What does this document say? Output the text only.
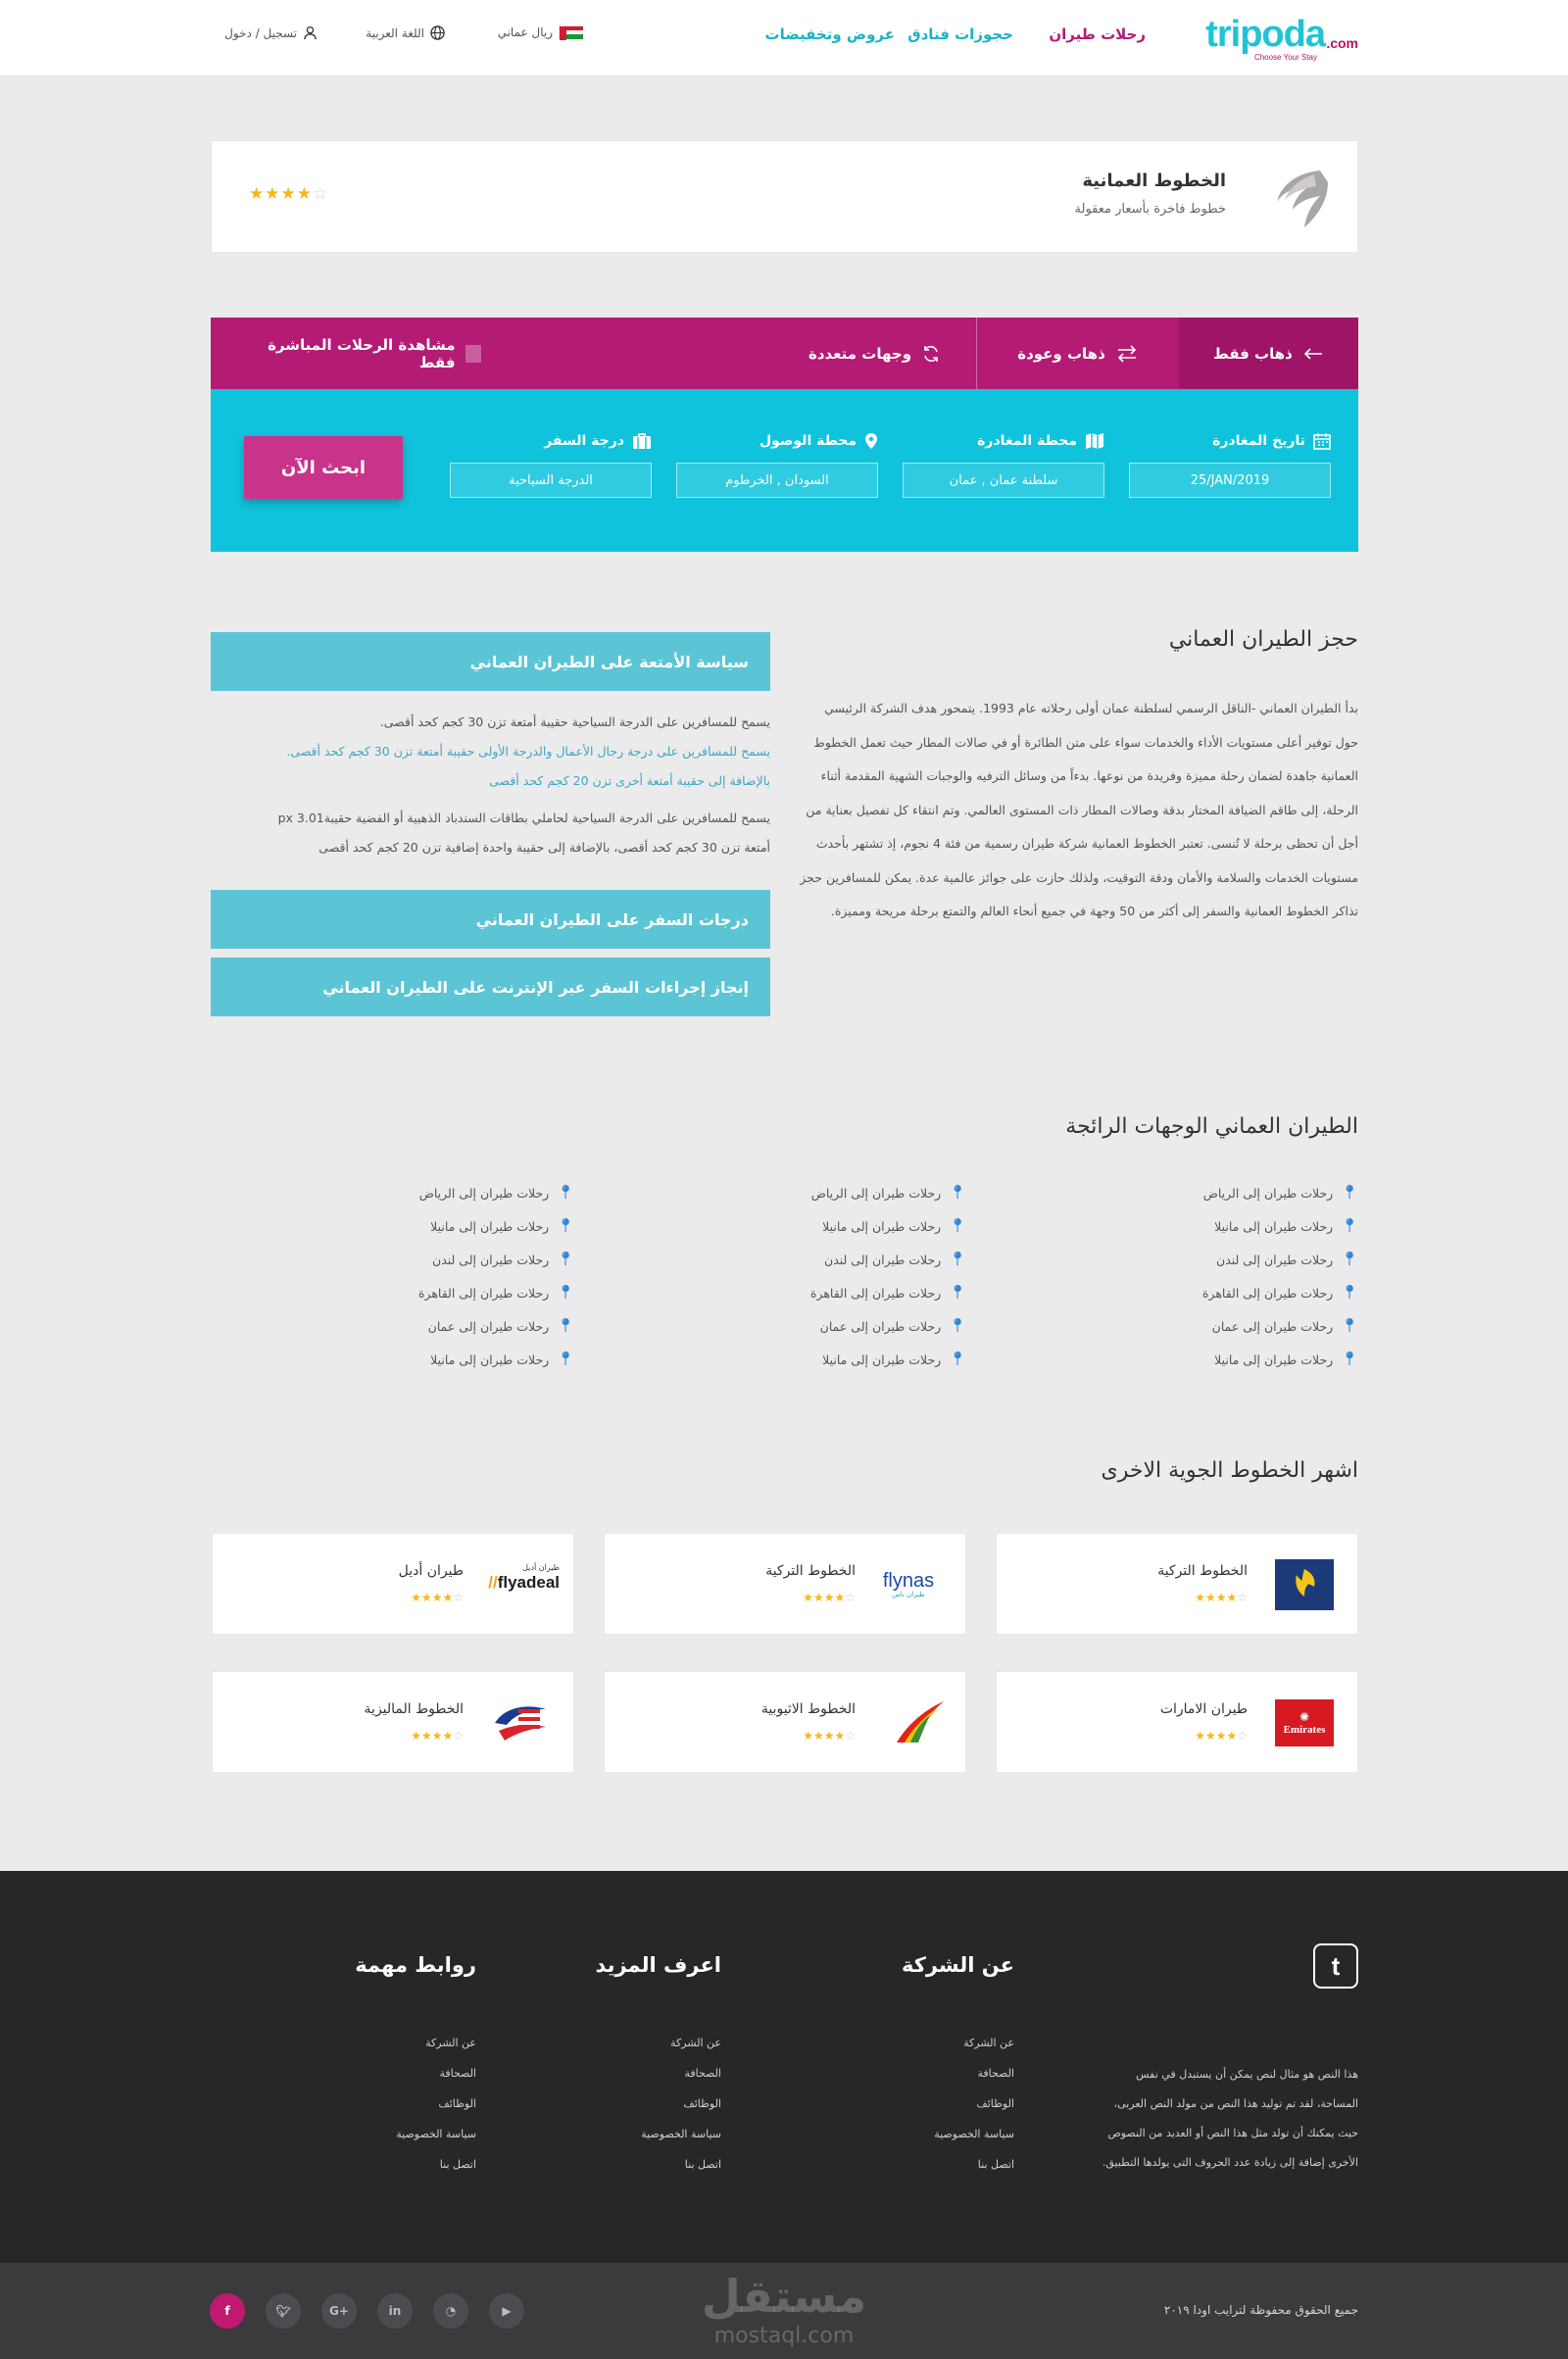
tripoda .com
Choose Your Stay
رحلات طيران
حجوزات فنادق
عروض وتخفيضات
ريال عماني
اللغة العربية
تسجيل / دخول
الخطوط العمانية
خطوط فاخرة بأسعار معقولة
★★★★☆
ذهاب فقط
ذهاب وعودة
وجهات متعددة
مشاهدة الرحلات المباشرة فقط
تاريخ المغادرة
25/JAN/2019
محطة المغادرة
سلطنة عمان , عمان
محطة الوصول
السودان , الخرطوم
درجة السفر
الدرجة السياحية
ابحث الآن
حجز الطيران العماني
بدأ الطيران العماني -الناقل الرسمي لسلطنة عمان أولى رحلاته عام 1993. يتمحور هدف الشركة الرئيسي حول توفير أعلى مستويات الأداء والخدمات سواء على متن الطائرة أو في صالات المطار حيث تعمل الخطوط العمانية جاهدة لضمان رحلة مميزة وفريدة من نوعها. بدءاً من وسائل الترفيه والوجبات الشهية المقدمة أثناء الرحلة، إلى طاقم الضيافة المختار بدقة وصالات المطار ذات المستوى العالمي. وتم انتقاء كل تفصيل بعناية من أجل أن تحظى برحلة لا تُنسى. تعتبر الخطوط العمانية شركة طيران رسمية من فئة 4 نجوم، إذ تشتهر بأحدث مستويات الخدمات والسلامة والأمان ودقة التوقيت، ولذلك حازت على جوائز عالمية عدة. يمكن للمسافرين حجز تذاكر الخطوط العمانية والسفر إلى أكثر من 50 وجهة في جميع أنحاء العالم والتمتع برحلة مريحة ومميزة.
سياسة الأمتعة على الطيران العماني
يسمح للمسافرين على الدرجة السياحية حقيبة أمتعة تزن 30 كجم كحد أقصى.
يسمح للمسافرين على درجة رجال الأعمال والدرجة الأولى حقيبة أمتعة تزن 30 كجم كحد أقصى.
بالإضافة إلى حقيبة أمتعة أخرى تزن 20 كجم كحد أقصى
يسمح للمسافرين على الدرجة السياحية لحاملي بطاقات السندباد الذهبية أو الفضية حقيبة3.01 px
أمتعة تزن 30 كجم كحد أقصى، بالإضافة إلى حقيبة واحدة إضافية تزن 20 كجم كحد أقصى
درجات السفر على الطيران العماني
إنجاز إجراءات السفر عبر الإنترنت على الطيران العماني
الطيران العماني الوجهات الرائجة
📍︎
رحلات طيران إلى الرياض
📍︎
رحلات طيران إلى مانيلا
📍︎
رحلات طيران إلى لندن
📍︎
رحلات طيران إلى القاهرة
📍︎
رحلات طيران إلى عمان
📍︎
رحلات طيران إلى مانيلا
📍︎
رحلات طيران إلى الرياض
📍︎
رحلات طيران إلى مانيلا
📍︎
رحلات طيران إلى لندن
📍︎
رحلات طيران إلى القاهرة
📍︎
رحلات طيران إلى عمان
📍︎
رحلات طيران إلى مانيلا
📍︎
رحلات طيران إلى الرياض
📍︎
رحلات طيران إلى مانيلا
📍︎
رحلات طيران إلى لندن
📍︎
رحلات طيران إلى القاهرة
📍︎
رحلات طيران إلى عمان
📍︎
رحلات طيران إلى مانيلا
اشهر الخطوط الجوية الاخرى
الخطوط التركية
★★★★☆
flynas
طيران ناس
الخطوط التركية
★★★★☆
طيران أديل
//flyadeal
طيران أديل
★★★★☆
✺
Emirates
طيران الامارات
★★★★☆
الخطوط الاثيوبية
★★★★☆
الخطوط الماليزية
★★★★☆
t
هذا النص هو مثال لنص يمكن أن يستبدل في نفس
المساحة، لقد تم توليد هذا النص من مولد النص العربى،
حيث يمكنك أن تولد مثل هذا النص أو العديد من النصوص
الأخرى إضافة إلى زيادة عدد الحروف التى يولدها التطبيق.
عن الشركة
عن الشركة
الصحافة
الوظائف
سياسة الخصوصية
اتصل بنا
اعرف المزيد
عن الشركة
الصحافة
الوظائف
سياسة الخصوصية
اتصل بنا
روابط مهمة
عن الشركة
الصحافة
الوظائف
سياسة الخصوصية
اتصل بنا
جميع الحقوق محفوظة لترايب اودا ٢٠١٩
مستقل
mostaql.com
f	🐦︎	G+	in	◔	▶
